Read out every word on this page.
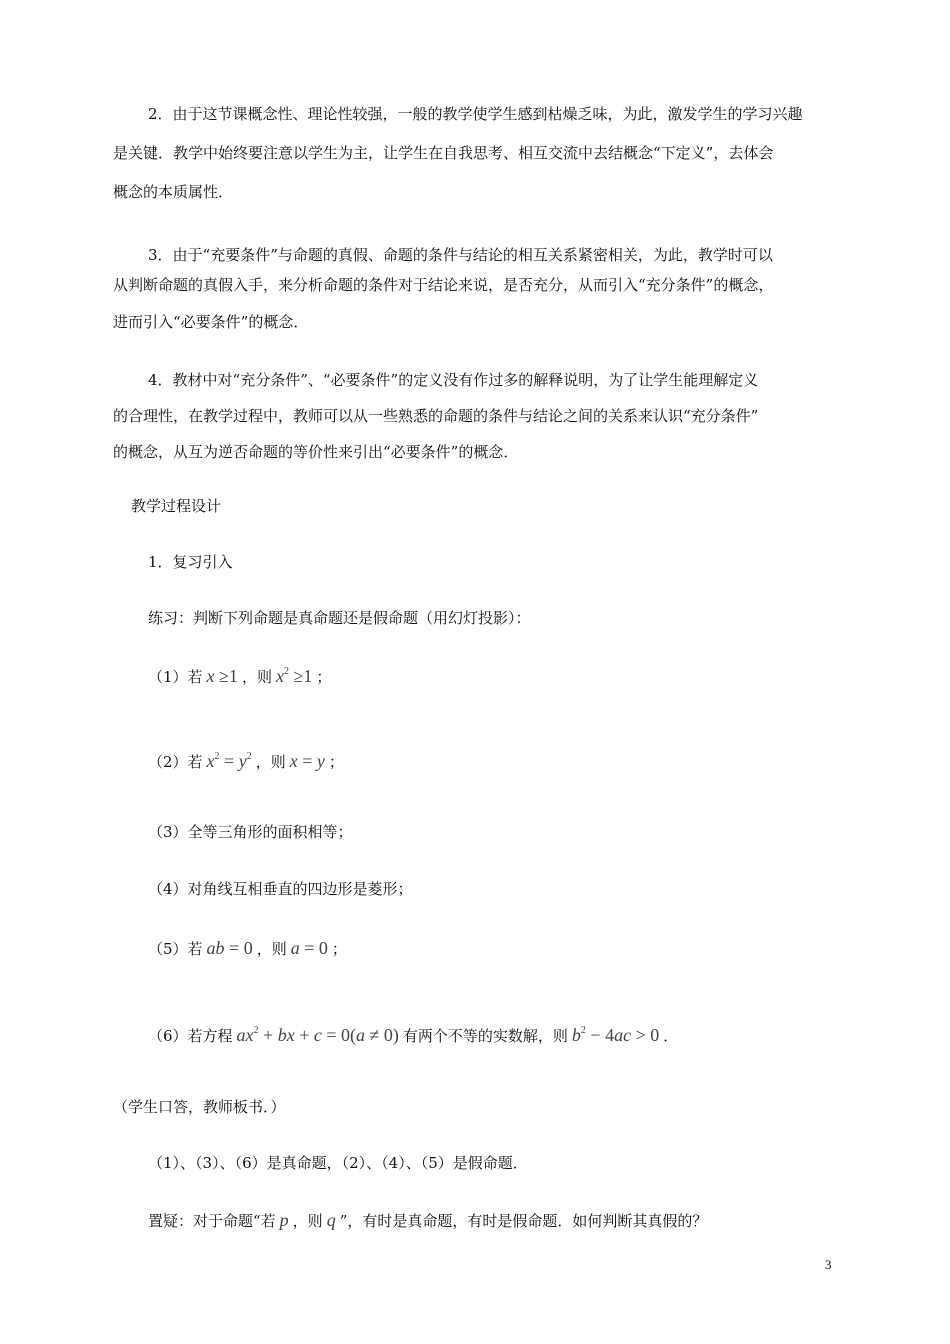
2．由于这节课概念性、理论性较强，一般的教学使学生感到枯燥乏味，为此，激发学生的学习兴趣
是关键．教学中始终要注意以学生为主，让学生在自我思考、相互交流中去结概念“下定义”，去体会
概念的本质属性．
3．由于“充要条件”与命题的真假、命题的条件与结论的相互关系紧密相关，为此，教学时可以
从判断命题的真假入手，来分析命题的条件对于结论来说，是否充分，从而引入“充分条件”的概念，
进而引入“必要条件”的概念．
4．教材中对“充分条件”、“必要条件”的定义没有作过多的解释说明，为了让学生能理解定义
的合理性，在教学过程中，教师可以从一些熟悉的命题的条件与结论之间的关系来认识“充分条件”
的概念，从互为逆否命题的等价性来引出“必要条件”的概念．
教学过程设计
1．复习引入
练习：判断下列命题是真命题还是假命题（用幻灯投影）：
（1）若 x ≥1 ，则 $x^2 \ge 1$ ；
（2）若 $x^2 = y^2$ ，则 x = y ；
（3）全等三角形的面积相等；
（4）对角线互相垂直的四边形是菱形；
（5）若 ab = 0 ，则 a = 0 ；
（6）若方程 $ax^2$ + bx + c = 0(a ≠ 0) 有两个不等的实数解，则 $b^2 - 4ac > 0$ ．
（学生口答，教师板书．）
（1）、（3）、（6）是真命题，（2）、（4）、（5）是假命题．
置疑：对于命题“若 p ，则 q ”，有时是真命题，有时是假命题．如何判断其真假的？
3
